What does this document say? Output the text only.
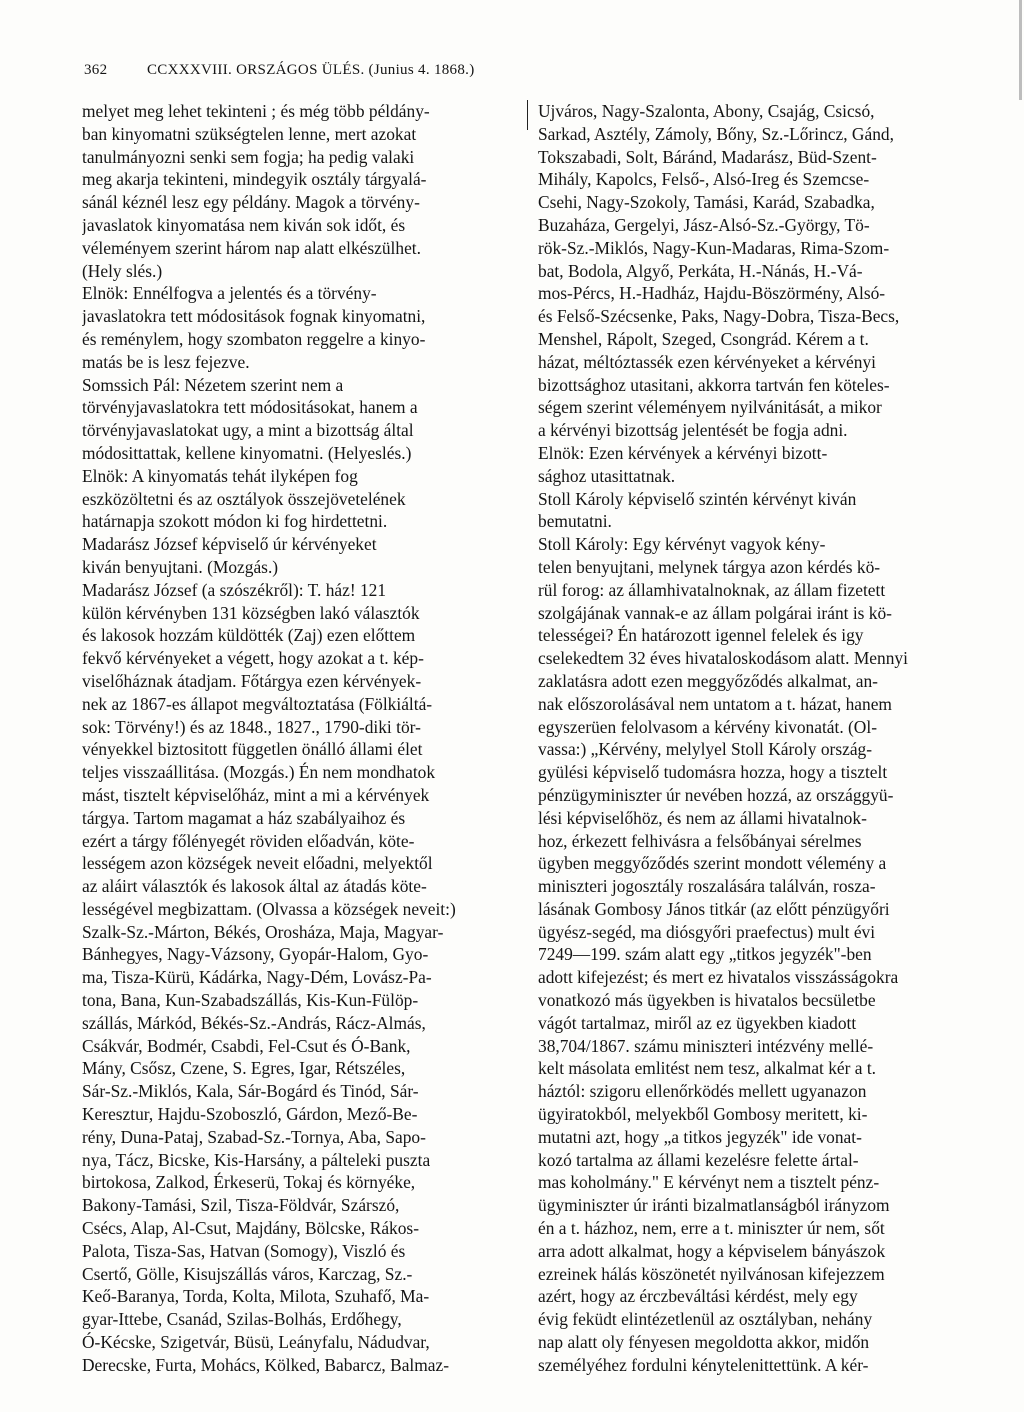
362	CCXXXVIII. ORSZÁGOS ÜLÉS. (Junius 4. 1868.)
melyet meg lehet tekinteni ; és még több példány-
ban kinyomatni szükségtelen lenne, mert azokat
tanulmányozni senki sem fogja; ha pedig valaki
meg akarja tekinteni, mindegyik osztály tárgyalá-
sánál kéznél lesz egy példány. Magok a törvény-
javaslatok kinyomatása nem kiván sok időt, és
véleményem szerint három nap alatt elkészülhet.
(Hely slés.)
Elnök: Ennélfogva a jelentés és a törvény-
javaslatokra tett módositások fognak kinyomatni,
és reménylem, hogy szombaton reggelre a kinyo-
matás be is lesz fejezve.
Somssich Pál: Nézetem szerint nem a
törvényjavaslatokra tett módositásokat, hanem a
törvényjavaslatokat ugy, a mint a bizottság által
módosittattak, kellene kinyomatni. (Helyeslés.)
Elnök: A kinyomatás tehát ilyképen fog
eszközöltetni és az osztályok összejövetelének
határnapja szokott módon ki fog hirdettetni.
Madarász József képviselő úr kérvényeket
kiván benyujtani. (Mozgás.)
Madarász József (a szószékről): T. ház! 121
külön kérvényben 131 községben lakó választók
és lakosok hozzám küldötték (Zaj) ezen előttem
fekvő kérvényeket a végett, hogy azokat a t. kép-
viselőháznak átadjam. Főtárgya ezen kérvények-
nek az 1867-es állapot megváltoztatása (Fölkiáltá-
sok: Törvény!) és az 1848., 1827., 1790-diki tör-
vényekkel biztositott független önálló állami élet
teljes visszaállitása. (Mozgás.) Én nem mondhatok
mást, tisztelt képviselőház, mint a mi a kérvények
tárgya. Tartom magamat a ház szabályaihoz és
ezért a tárgy főlényegét röviden előadván, köte-
lességem azon községek neveit előadni, melyektől
az aláirt választók és lakosok által az átadás köte-
lességével megbizattam. (Olvassa a községek neveit:)
Szalk-Sz.-Márton, Békés, Orosháza, Maja, Magyar-
Bánhegyes, Nagy-Vázsony, Gyopár-Halom, Gyo-
ma, Tisza-Kürü, Kádárka, Nagy-Dém, Lovász-Pa-
tona, Bana, Kun-Szabadszállás, Kis-Kun-Fülöp-
szállás, Márkód, Békés-Sz.-András, Rácz-Almás,
Csákvár, Bodmér, Csabdi, Fel-Csut és Ó-Bank,
Mány, Csősz, Czene, S. Egres, Igar, Rétszéles,
Sár-Sz.-Miklós, Kala, Sár-Bogárd és Tinód, Sár-
Keresztur, Hajdu-Szoboszló, Gárdon, Mező-Be-
rény, Duna-Pataj, Szabad-Sz.-Tornya, Aba, Sapo-
nya, Tácz, Bicske, Kis-Harsány, a pálteleki puszta
birtokosa, Zalkod, Érkeserü, Tokaj és környéke,
Bakony-Tamási, Szil, Tisza-Földvár, Szárszó,
Csécs, Alap, Al-Csut, Majdány, Bölcske, Rákos-
Palota, Tisza-Sas, Hatvan (Somogy), Viszló és
Csertő, Gölle, Kisujszállás város, Karczag, Sz.-
Keő-Baranya, Torda, Kolta, Milota, Szuhafő, Ma-
gyar-Ittebe, Csanád, Szilas-Bolhás, Erdőhegy,
Ó-Kécske, Szigetvár, Büsü, Leányfalu, Nádudvar,
Derecske, Furta, Mohács, Kölked, Babarcz, Balmaz-
Ujváros, Nagy-Szalonta, Abony, Csajág, Csicsó,
Sarkad, Asztély, Zámoly, Bőny, Sz.-Lőrincz, Gánd,
Tokszabadi, Solt, Báránd, Madarász, Büd-Szent-
Mihály, Kapolcs, Felső-, Alsó-Ireg és Szemcse-
Csehi, Nagy-Szokoly, Tamási, Karád, Szabadka,
Buzaháza, Gergelyi, Jász-Alsó-Sz.-György, Tö-
rök-Sz.-Miklós, Nagy-Kun-Madaras, Rima-Szom-
bat, Bodola, Algyő, Perkáta, H.-Nánás, H.-Vá-
mos-Pércs, H.-Hadház, Hajdu-Böszörmény, Alsó-
és Felső-Szécsenke, Paks, Nagy-Dobra, Tisza-Becs,
Menshel, Rápolt, Szeged, Csongrád. Kérem a t.
házat, méltóztassék ezen kérvényeket a kérvényi
bizottsághoz utasitani, akkorra tartván fen köteles-
ségem szerint véleményem nyilvánitását, a mikor
a kérvényi bizottság jelentését be fogja adni.
Elnök: Ezen kérvények a kérvényi bizott-
sághoz utasittatnak.
Stoll Károly képviselő szintén kérvényt kiván
bemutatni.
Stoll Károly: Egy kérvényt vagyok kény-
telen benyujtani, melynek tárgya azon kérdés kö-
rül forog: az államhivatalnoknak, az állam fizetett
szolgájának vannak-e az állam polgárai iránt is kö-
telességei? Én határozott igennel felelek és igy
cselekedtem 32 éves hivataloskodásom alatt. Mennyi
zaklatásra adott ezen meggyőződés alkalmat, an-
nak előszorolásával nem untatom a t. házat, hanem
egyszerüen felolvasom a kérvény kivonatát. (Ol-
vassa:) „Kérvény, melylyel Stoll Károly ország-
gyülési képviselő tudomásra hozza, hogy a tisztelt
pénzügyminiszter úr nevében hozzá, az országgyü-
lési képviselőhöz, és nem az állami hivatalnok-
hoz, érkezett felhivásra a felsőbányai sérelmes
ügyben meggyőződés szerint mondott vélemény a
miniszteri jogosztály roszalására találván, rosza-
lásának Gombosy János titkár (az előtt pénzügyőri
ügyész-segéd, ma diósgyőri praefectus) mult évi
7249—199. szám alatt egy „titkos jegyzék"-ben
adott kifejezést; és mert ez hivatalos visszásságokra
vonatkozó más ügyekben is hivatalos becsületbe
vágót tartalmaz, miről az ez ügyekben kiadott
38,704/1867. számu miniszteri intézvény mellé-
kelt másolata emlitést nem tesz, alkalmat kér a t.
háztól: szigoru ellenőrködés mellett ugyanazon
ügyiratokból, melyekből Gombosy meritett, ki-
mutatni azt, hogy „a titkos jegyzék" ide vonat-
kozó tartalma az állami kezelésre felette ártal-
mas koholmány." E kérvényt nem a tisztelt pénz-
ügyminiszter úr iránti bizalmatlanságból irányzom
én a t. házhoz, nem, erre a t. miniszter úr nem, sőt
arra adott alkalmat, hogy a képviselem bányászok
ezreinek hálás köszönetét nyilvánosan kifejezzem
azért, hogy az érczbeváltási kérdést, mely egy
évig feküdt elintézetlenül az osztályban, nehány
nap alatt oly fényesen megoldotta akkor, midőn
személyéhez fordulni kénytelenittettünk. A kér-
